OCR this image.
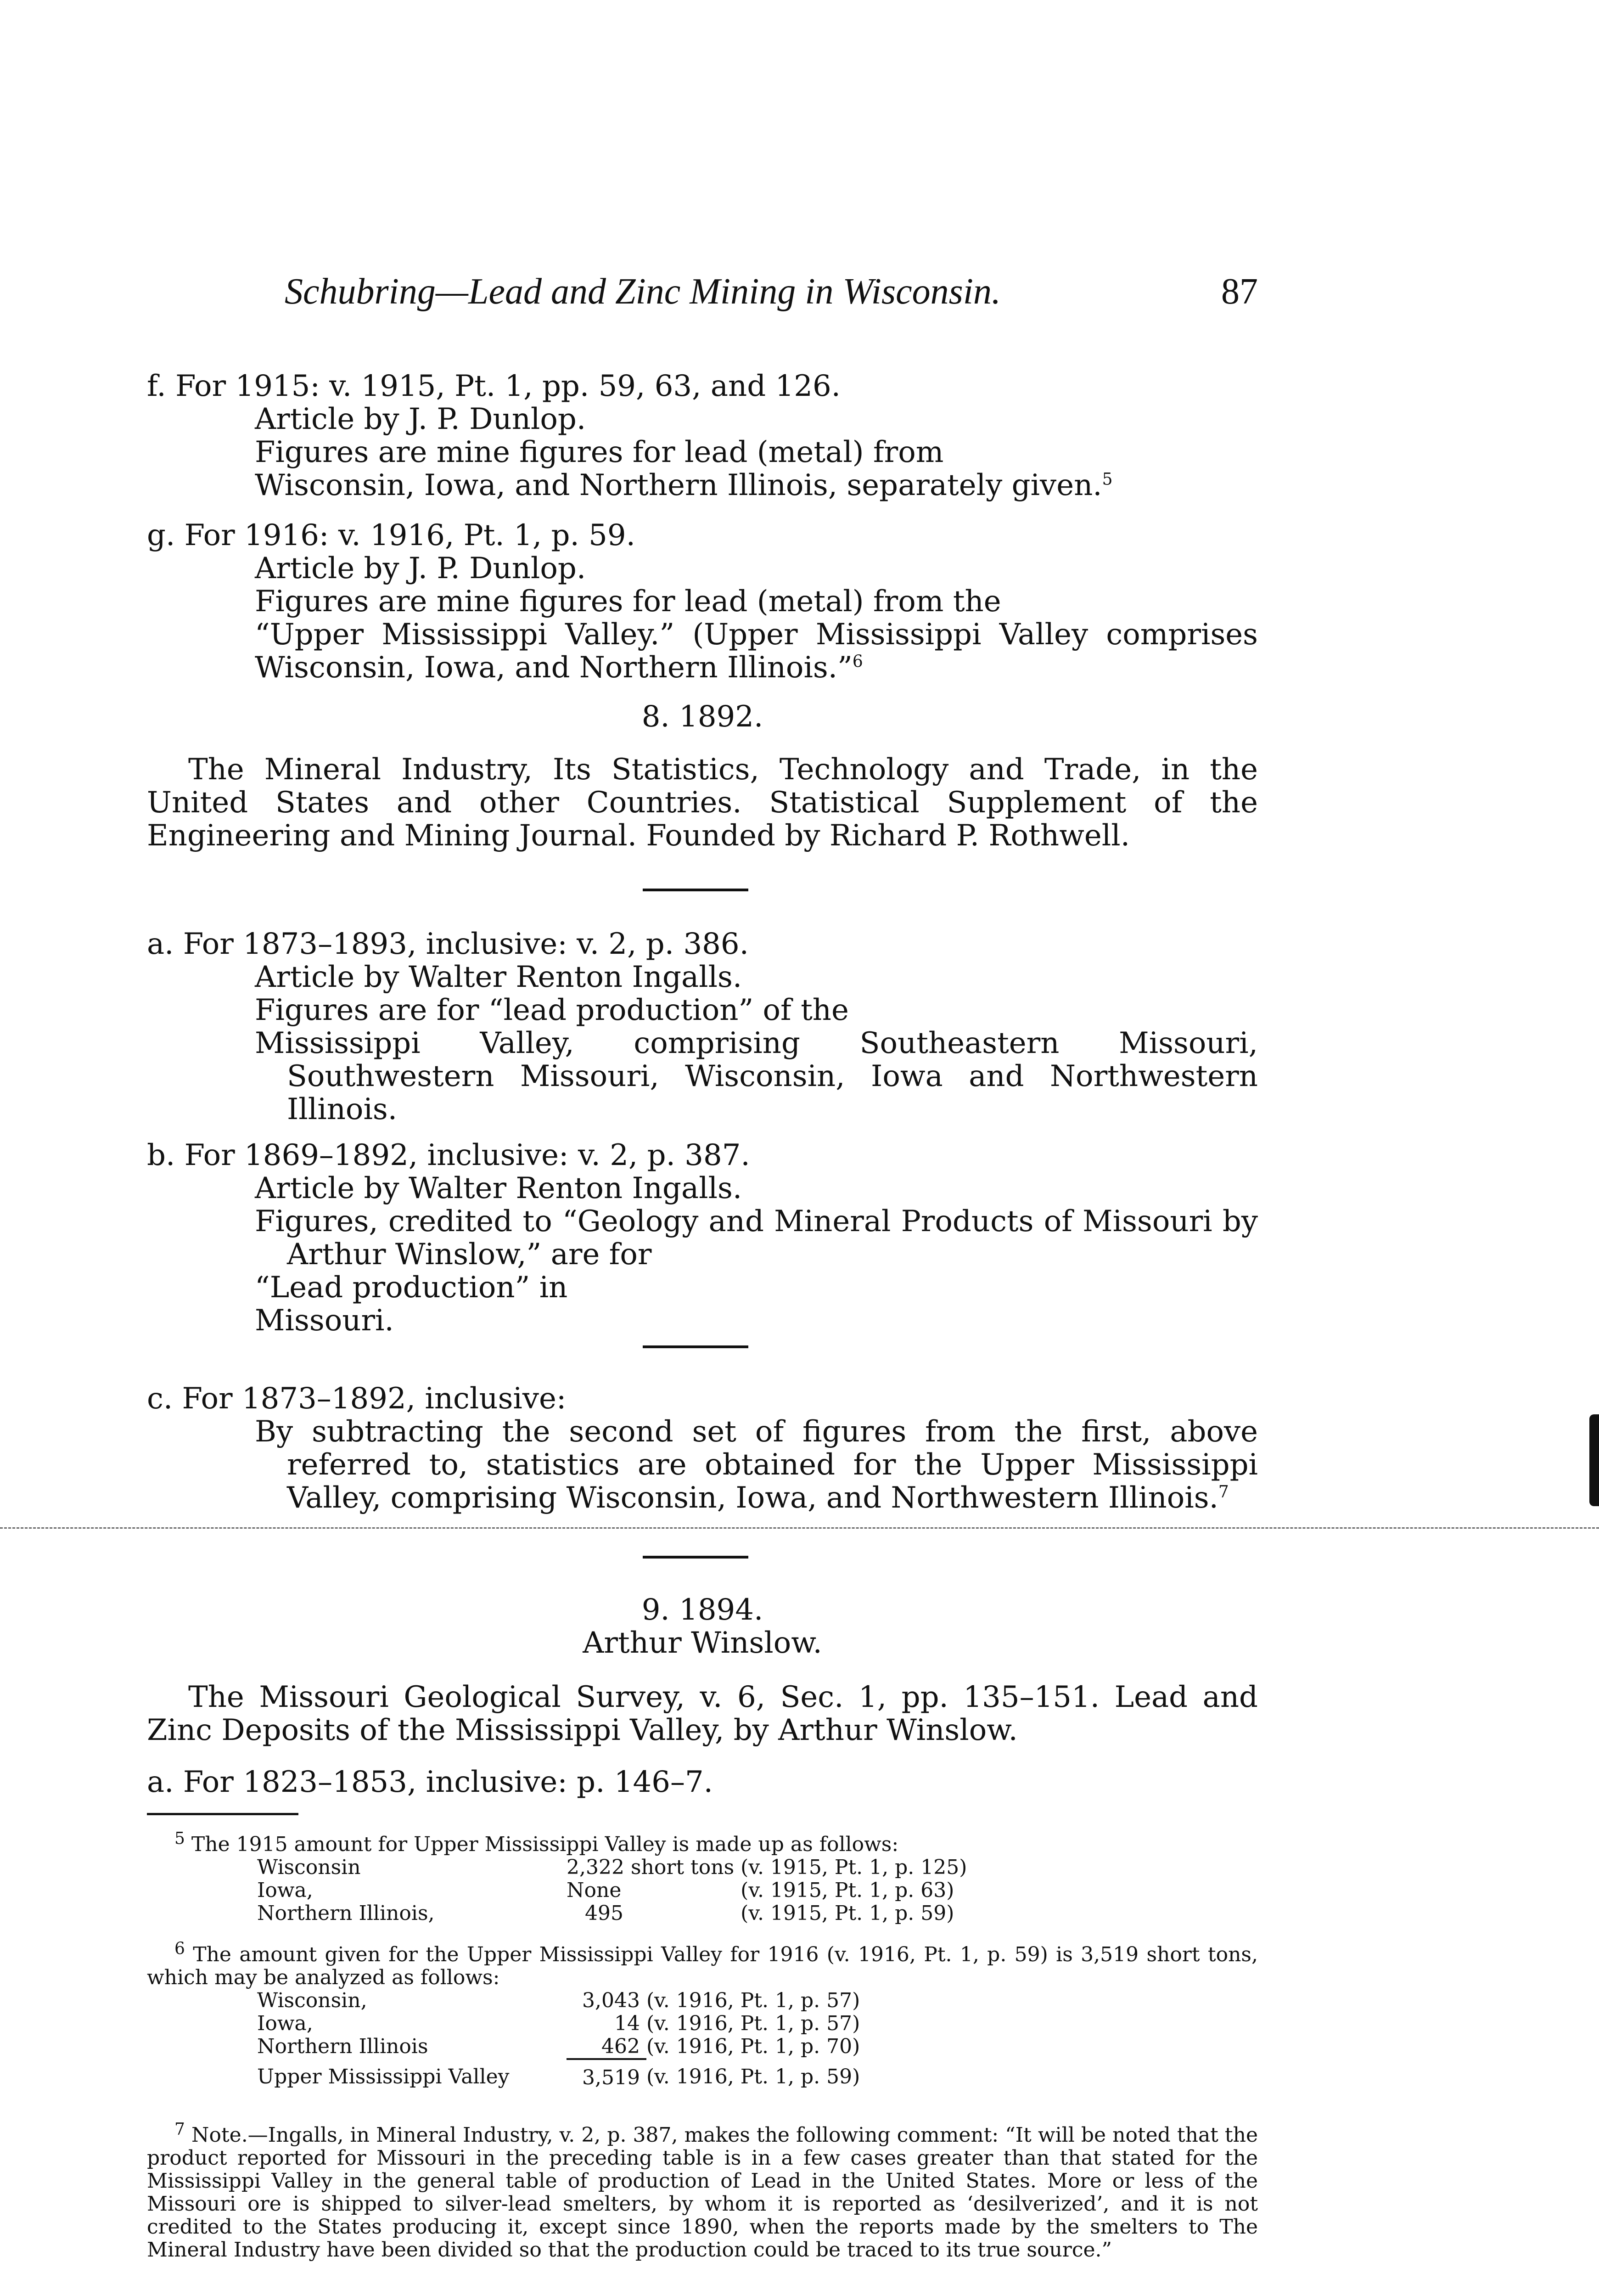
Schubring—Lead and Zinc Mining in Wisconsin.	87

f. For 1915: v. 1915, Pt. 1, pp. 59, 63, and 126.

Article by J. P. Dunlop.

Figures are mine figures for lead (metal) from

Wisconsin, Iowa, and Northern Illinois, separately given.$^5$

g. For 1916: v. 1916, Pt. 1, p. 59.

Article by J. P. Dunlop.

Figures are mine figures for lead (metal) from the

“Upper Mississippi Valley.” (Upper Mississippi Valley comprises Wisconsin, Iowa, and Northern Illinois.”$^6$

8. 1892.

The Mineral Industry, Its Statistics, Technology and Trade, in the United States and other Countries. Statistical Supplement of the Engineering and Mining Journal. Founded by Richard P. Rothwell.

a. For 1873–1893, inclusive: v. 2, p. 386.

Article by Walter Renton Ingalls.

Figures are for “lead production” of the

Mississippi Valley, comprising Southeastern Missouri, Southwestern Missouri, Wisconsin, Iowa and Northwestern Illinois.

b. For 1869–1892, inclusive: v. 2, p. 387.

Article by Walter Renton Ingalls.

Figures, credited to “Geology and Mineral Products of Missouri by Arthur Winslow,” are for

“Lead production” in

Missouri.

c. For 1873–1892, inclusive:

By subtracting the second set of figures from the first, above referred to, statistics are obtained for the Upper Mississippi Valley, comprising Wisconsin, Iowa, and Northwestern Illinois.$^7$

9. 1894.
Arthur Winslow.

The Missouri Geological Survey, v. 6, Sec. 1, pp. 135–151. Lead and Zinc Deposits of the Mississippi Valley, by Arthur Winslow.

a. For 1823–1853, inclusive: p. 146–7.

$^5$ The 1915 amount for Upper Mississippi Valley is made up as follows:

Wisconsin	2,322 short tons	(v. 1915, Pt. 1, p. 125)
Iowa,	None	(v. 1915, Pt. 1, p. 63)
Northern Illinois,	495	(v. 1915, Pt. 1, p. 59)

$^6$ The amount given for the Upper Mississippi Valley for 1916 (v. 1916, Pt. 1, p. 59) is 3,519 short tons, which may be analyzed as follows:

Wisconsin,	3,043	(v. 1916, Pt. 1, p. 57)
Iowa,	14	(v. 1916, Pt. 1, p. 57)
Northern Illinois	462	(v. 1916, Pt. 1, p. 70)
Upper Mississippi Valley	3,519	(v. 1916, Pt. 1, p. 59)

$^7$ Note.—Ingalls, in Mineral Industry, v. 2, p. 387, makes the following comment: “It will be noted that the product reported for Missouri in the preceding table is in a few cases greater than that stated for the Mississippi Valley in the general table of production of Lead in the United States. More or less of the Missouri ore is shipped to silver-lead smelters, by whom it is reported as ‘desilverized’, and it is not credited to the States producing it, except since 1890, when the reports made by the smelters to The Mineral Industry have been divided so that the production could be traced to its true source.”
